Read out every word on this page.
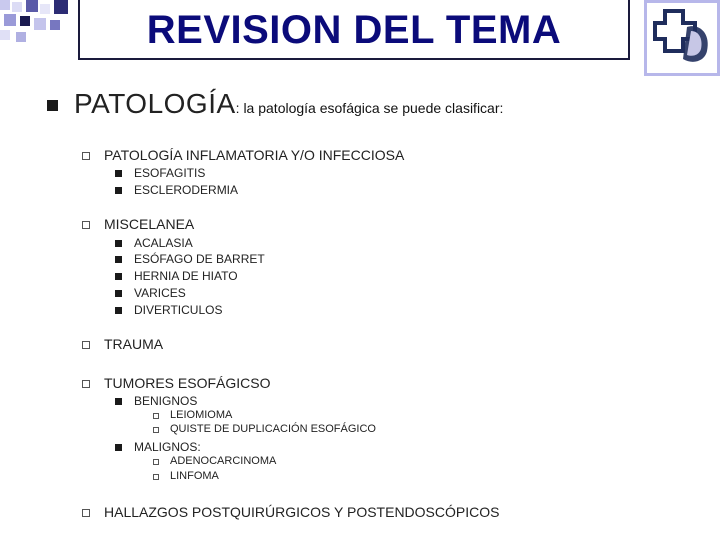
REVISION DEL TEMA
PATOLOGÍA: la patología esofágica se puede clasificar:
PATOLOGÍA INFLAMATORIA Y/O INFECCIOSA
ESOFAGITIS
ESCLERODERMIA
MISCELANEA
ACALASIA
ESÓFAGO DE BARRET
HERNIA DE HIATO
VARICES
DIVERTICULOS
TRAUMA
TUMORES ESOFÁGICSO
BENIGNOS
LEIOMIOMA
QUISTE DE DUPLICACIÓN ESOFÁGICO
MALIGNOS:
ADENOCARCINOMA
LINFOMA
HALLAZGOS POSTQUIRÚRGICOS Y POSTENDOSCÓPICOS
